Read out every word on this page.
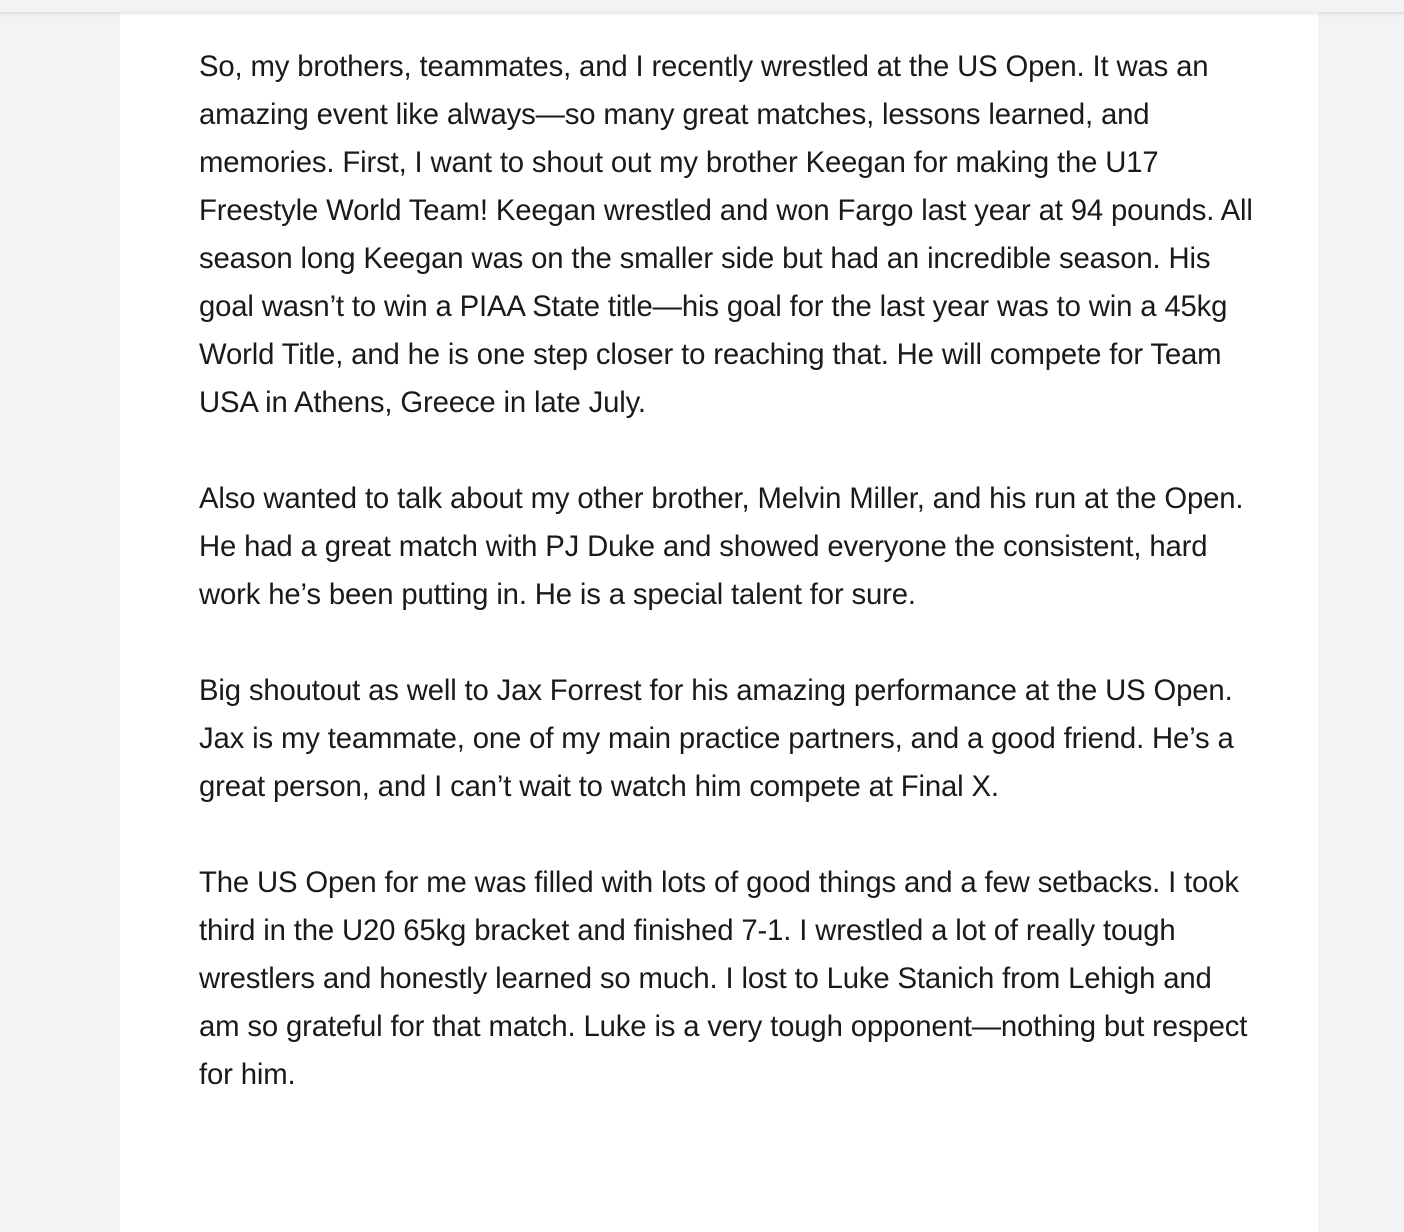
So, my brothers, teammates, and I recently wrestled at the US Open. It was an amazing event like always—so many great matches, lessons learned, and memories. First, I want to shout out my brother Keegan for making the U17 Freestyle World Team! Keegan wrestled and won Fargo last year at 94 pounds. All season long Keegan was on the smaller side but had an incredible season. His goal wasn’t to win a PIAA State title—his goal for the last year was to win a 45kg World Title, and he is one step closer to reaching that. He will compete for Team USA in Athens, Greece in late July.

Also wanted to talk about my other brother, Melvin Miller, and his run at the Open. He had a great match with PJ Duke and showed everyone the consistent, hard work he’s been putting in. He is a special talent for sure.

Big shoutout as well to Jax Forrest for his amazing performance at the US Open. Jax is my teammate, one of my main practice partners, and a good friend. He’s a great person, and I can’t wait to watch him compete at Final X.

The US Open for me was filled with lots of good things and a few setbacks. I took third in the U20 65kg bracket and finished 7-1. I wrestled a lot of really tough wrestlers and honestly learned so much. I lost to Luke Stanich from Lehigh and am so grateful for that match. Luke is a very tough opponent—nothing but respect for him.
